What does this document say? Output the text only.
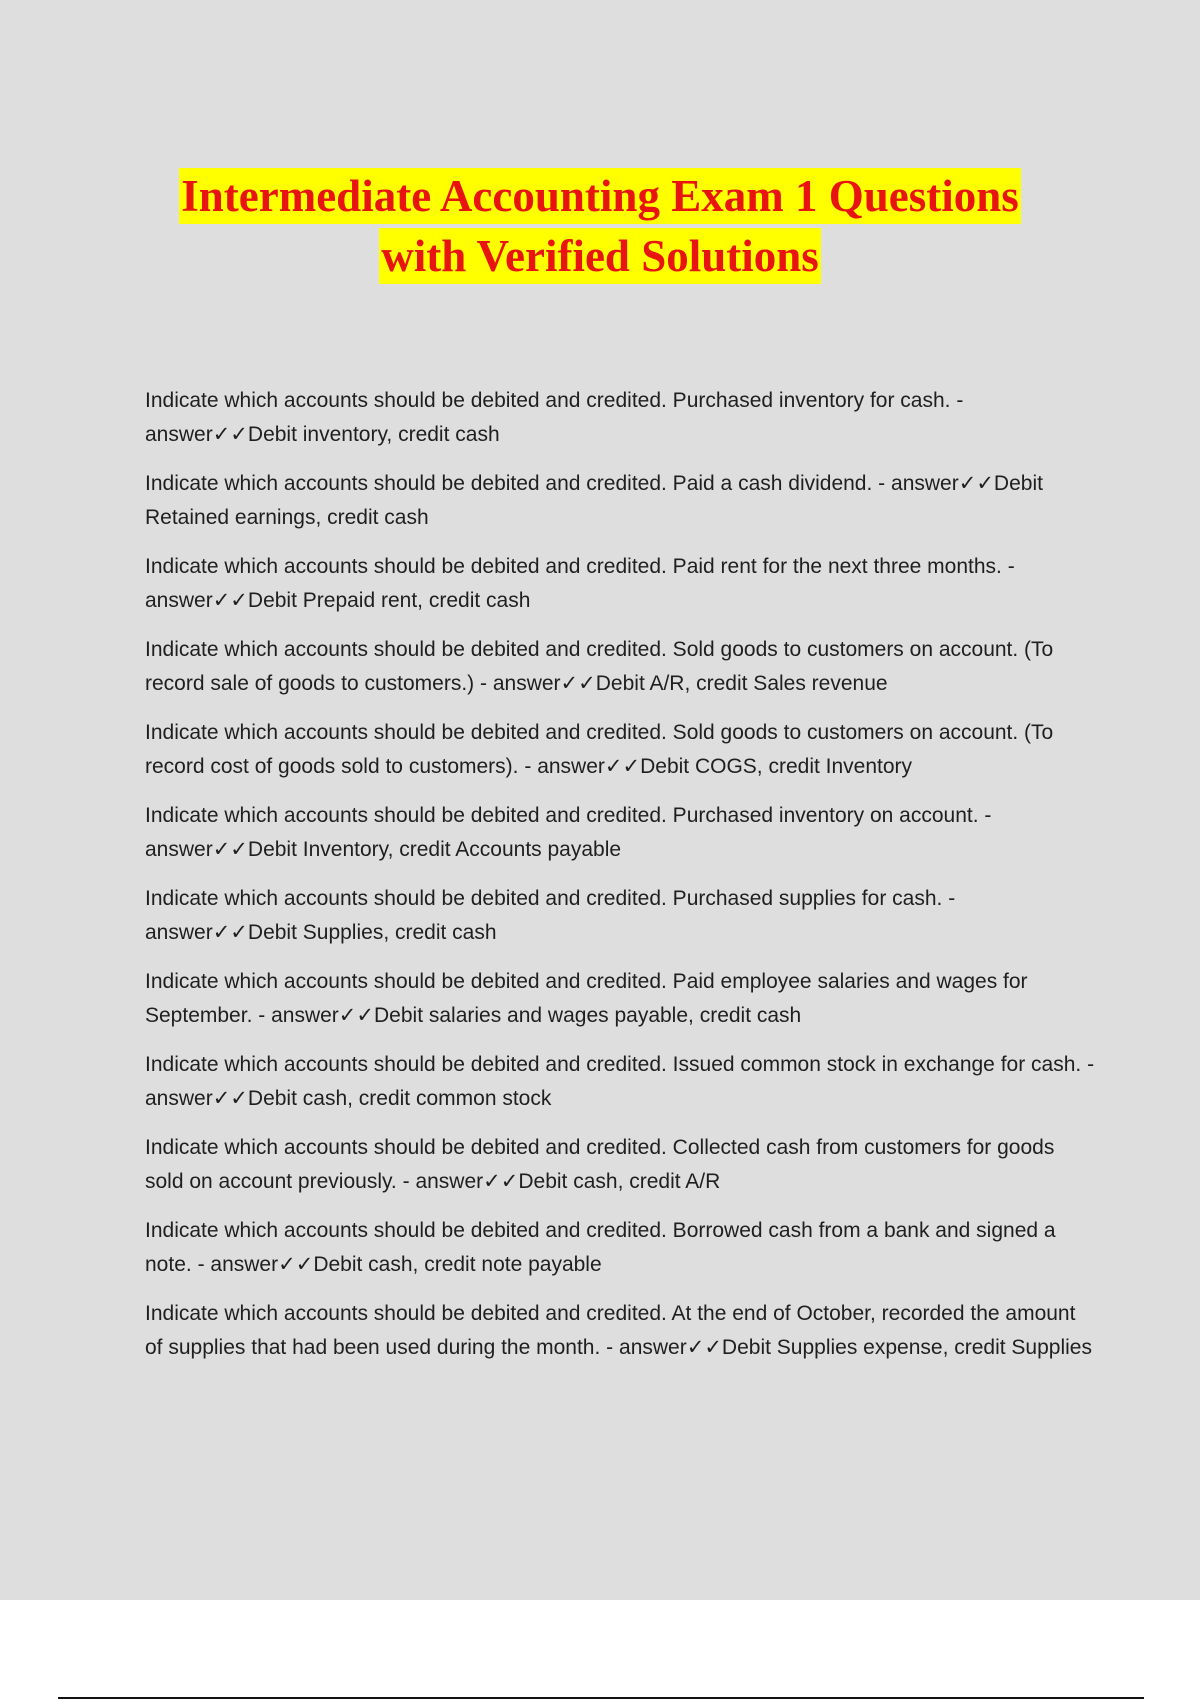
Intermediate Accounting Exam 1 Questions
with Verified Solutions
Indicate which accounts should be debited and credited. Purchased inventory for cash. - answer✓✓Debit inventory, credit cash
Indicate which accounts should be debited and credited. Paid a cash dividend. - answer✓✓Debit Retained earnings, credit cash
Indicate which accounts should be debited and credited. Paid rent for the next three months. - answer✓✓Debit Prepaid rent, credit cash
Indicate which accounts should be debited and credited. Sold goods to customers on account. (To record sale of goods to customers.) - answer✓✓Debit A/R, credit Sales revenue
Indicate which accounts should be debited and credited. Sold goods to customers on account. (To record cost of goods sold to customers). - answer✓✓Debit COGS, credit Inventory
Indicate which accounts should be debited and credited. Purchased inventory on account. - answer✓✓Debit Inventory, credit Accounts payable
Indicate which accounts should be debited and credited. Purchased supplies for cash. - answer✓✓Debit Supplies, credit cash
Indicate which accounts should be debited and credited. Paid employee salaries and wages for September. - answer✓✓Debit salaries and wages payable, credit cash
Indicate which accounts should be debited and credited. Issued common stock in exchange for cash. - answer✓✓Debit cash, credit common stock
Indicate which accounts should be debited and credited. Collected cash from customers for goods sold on account previously. - answer✓✓Debit cash, credit A/R
Indicate which accounts should be debited and credited. Borrowed cash from a bank and signed a note. - answer✓✓Debit cash, credit note payable
Indicate which accounts should be debited and credited. At the end of October, recorded the amount of supplies that had been used during the month. - answer✓✓Debit Supplies expense, credit Supplies
